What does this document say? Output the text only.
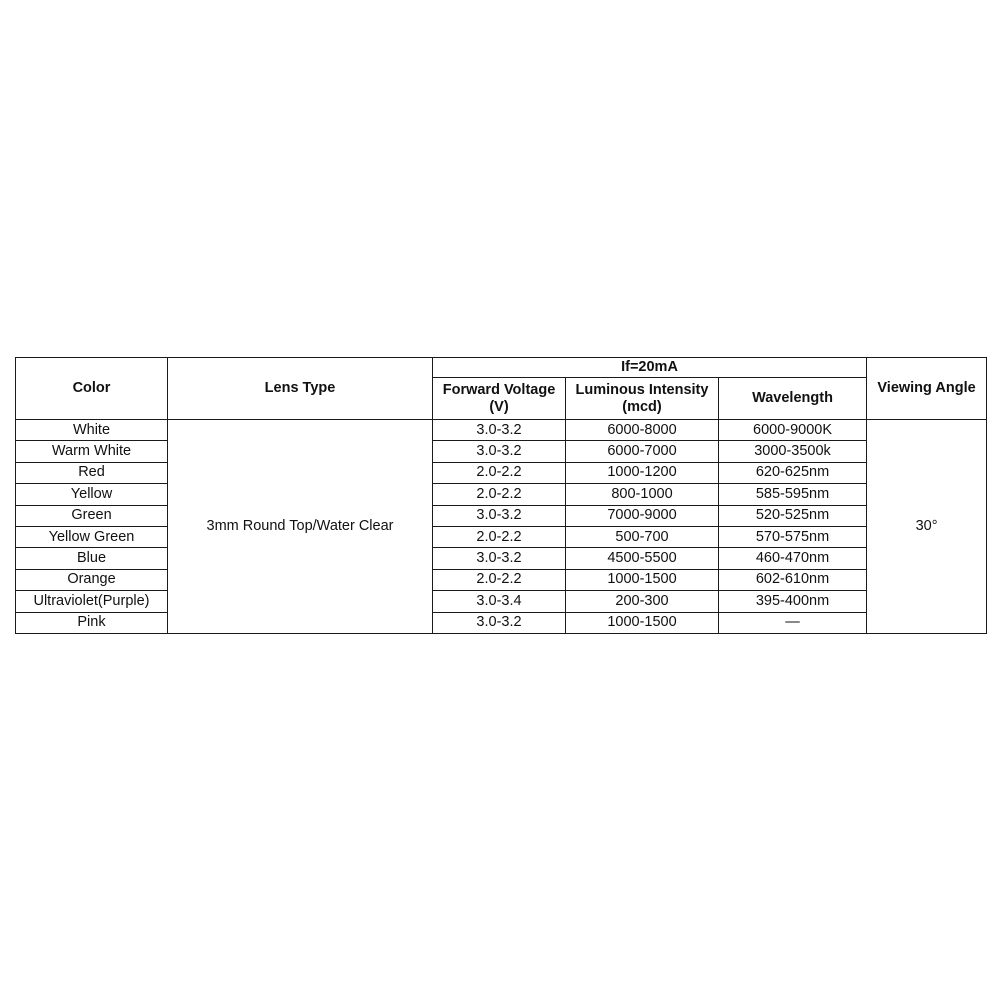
Color	Lens Type	If=20mA			Viewing Angle
		Forward Voltage (V)	Luminous Intensity (mcd)	Wavelength	
White	3mm Round Top/Water Clear	3.0-3.2	6000-8000	6000-9000K	30°
Warm White		3.0-3.2	6000-7000	3000-3500k	
Red		2.0-2.2	1000-1200	620-625nm	
Yellow		2.0-2.2	800-1000	585-595nm	
Green		3.0-3.2	7000-9000	520-525nm	
Yellow Green		2.0-2.2	500-700	570-575nm	
Blue		3.0-3.2	4500-5500	460-470nm	
Orange		2.0-2.2	1000-1500	602-610nm	
Ultraviolet(Purple)		3.0-3.4	200-300	395-400nm	
Pink		3.0-3.2	1000-1500	—	
